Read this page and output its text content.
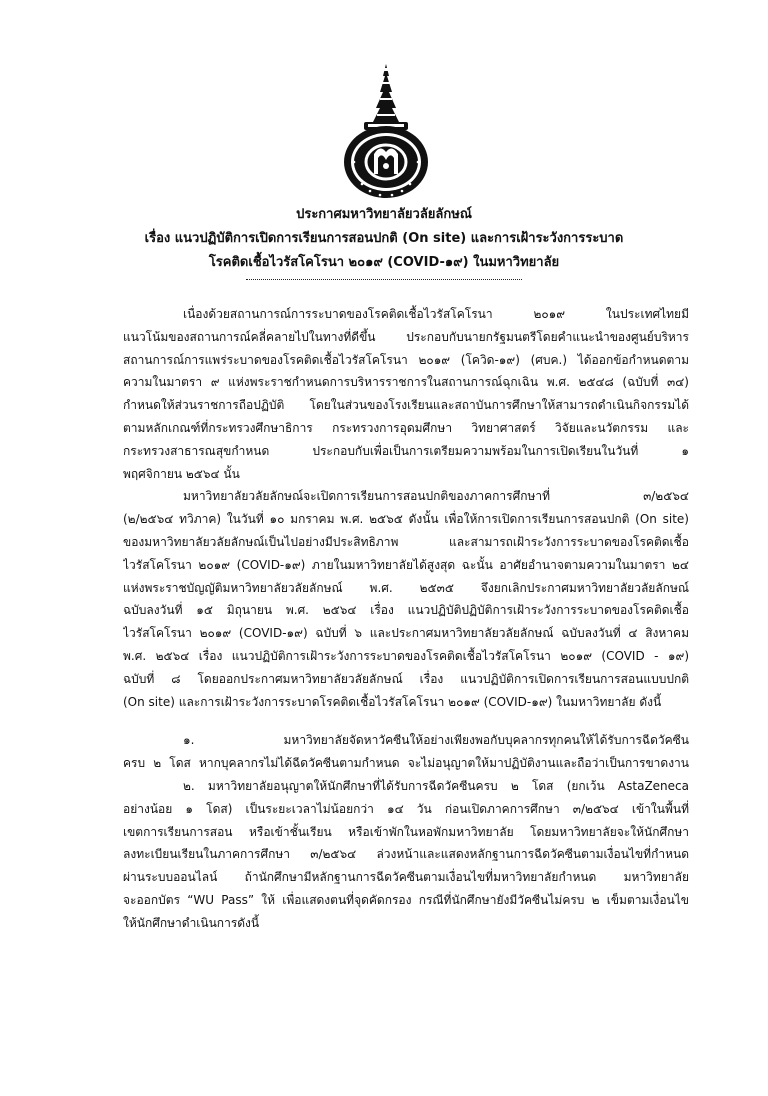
ประกาศมหาวิทยาลัยวลัยลักษณ์
เรื่อง แนวปฏิบัติการเปิดการเรียนการสอนปกติ (On site) และการเฝ้าระวังการระบาด
โรคติดเชื้อไวรัสโคโรนา ๒๐๑๙ (COVID-๑๙) ในมหาวิทยาลัย
เนื่องด้วยสถานการณ์การระบาดของโรคติดเชื้อไวรัสโคโรนา ๒๐๑๙ ในประเทศไทยมี
แนวโน้มของสถานการณ์คลี่คลายไปในทางที่ดีขึ้น ประกอบกับนายกรัฐมนตรีโดยคำแนะนำของศูนย์บริหาร
สถานการณ์การแพร่ระบาดของโรคติดเชื้อไวรัสโคโรนา ๒๐๑๙ (โควิด-๑๙) (ศบค.) ได้ออกข้อกำหนดตาม
ความในมาตรา ๙ แห่งพระราชกำหนดการบริหารราชการในสถานการณ์ฉุกเฉิน พ.ศ. ๒๕๔๘ (ฉบับที่ ๓๔)
กำหนดให้ส่วนราชการถือปฏิบัติ โดยในส่วนของโรงเรียนและสถาบันการศึกษาให้สามารถดำเนินกิจกรรมได้
ตามหลักเกณฑ์ที่กระทรวงศึกษาธิการ กระทรวงการอุดมศึกษา วิทยาศาสตร์ วิจัยและนวัตกรรม และ
กระทรวงสาธารณสุขกำหนด ประกอบกับเพื่อเป็นการเตรียมความพร้อมในการเปิดเรียนในวันที่ ๑
พฤศจิกายน ๒๕๖๔ นั้น
มหาวิทยาลัยวลัยลักษณ์จะเปิดการเรียนการสอนปกติของภาคการศึกษาที่ ๓/๒๕๖๔
(๒/๒๕๖๔ ทวิภาค) ในวันที่ ๑๐ มกราคม พ.ศ. ๒๕๖๕ ดังนั้น เพื่อให้การเปิดการเรียนการสอนปกติ (On site)
ของมหาวิทยาลัยวลัยลักษณ์เป็นไปอย่างมีประสิทธิภาพ และสามารถเฝ้าระวังการระบาดของโรคติดเชื้อ
ไวรัสโคโรนา ๒๐๑๙ (COVID-๑๙) ภายในมหาวิทยาลัยได้สูงสุด ฉะนั้น อาศัยอำนาจตามความในมาตรา ๒๔
แห่งพระราชบัญญัติมหาวิทยาลัยวลัยลักษณ์ พ.ศ. ๒๕๓๕ จึงยกเลิกประกาศมหาวิทยาลัยวลัยลักษณ์
ฉบับลงวันที่ ๑๕ มิถุนายน พ.ศ. ๒๕๖๔ เรื่อง แนวปฏิบัติปฏิบัติการเฝ้าระวังการระบาดของโรคติดเชื้อ
ไวรัสโคโรนา ๒๐๑๙ (COVID-๑๙) ฉบับที่ ๖ และประกาศมหาวิทยาลัยวลัยลักษณ์ ฉบับลงวันที่ ๔ สิงหาคม
พ.ศ. ๒๕๖๔ เรื่อง แนวปฏิบัติการเฝ้าระวังการระบาดของโรคติดเชื้อไวรัสโคโรนา ๒๐๑๙ (COVID - ๑๙)
ฉบับที่ ๘ โดยออกประกาศมหาวิทยาลัยวลัยลักษณ์ เรื่อง แนวปฏิบัติการเปิดการเรียนการสอนแบบปกติ
(On site) และการเฝ้าระวังการระบาดโรคติดเชื้อไวรัสโคโรนา ๒๐๑๙ (COVID-๑๙) ในมหาวิทยาลัย ดังนี้
๑. มหาวิทยาลัยจัดหาวัคซีนให้อย่างเพียงพอกับบุคลากรทุกคนให้ได้รับการฉีดวัคซีน
ครบ ๒ โดส หากบุคลากรไม่ได้ฉีดวัคซีนตามกำหนด จะไม่อนุญาตให้มาปฏิบัติงานและถือว่าเป็นการขาดงาน
๒. มหาวิทยาลัยอนุญาตให้นักศึกษาที่ได้รับการฉีดวัคซีนครบ ๒ โดส (ยกเว้น AstaZeneca
อย่างน้อย ๑ โดส) เป็นระยะเวลาไม่น้อยกว่า ๑๔ วัน ก่อนเปิดภาคการศึกษา ๓/๒๕๖๔ เข้าในพื้นที่
เขตการเรียนการสอน หรือเข้าชั้นเรียน หรือเข้าพักในหอพักมหาวิทยาลัย โดยมหาวิทยาลัยจะให้นักศึกษา
ลงทะเบียนเรียนในภาคการศึกษา ๓/๒๕๖๔ ล่วงหน้าและแสดงหลักฐานการฉีดวัคซีนตามเงื่อนไขที่กำหนด
ผ่านระบบออนไลน์ ถ้านักศึกษามีหลักฐานการฉีดวัคซีนตามเงื่อนไขที่มหาวิทยาลัยกำหนด มหาวิทยาลัย
จะออกบัตร “WU Pass” ให้ เพื่อแสดงตนที่จุดคัดกรอง กรณีที่นักศึกษายังมีวัคซีนไม่ครบ ๒ เข็มตามเงื่อนไข
ให้นักศึกษาดำเนินการดังนี้
